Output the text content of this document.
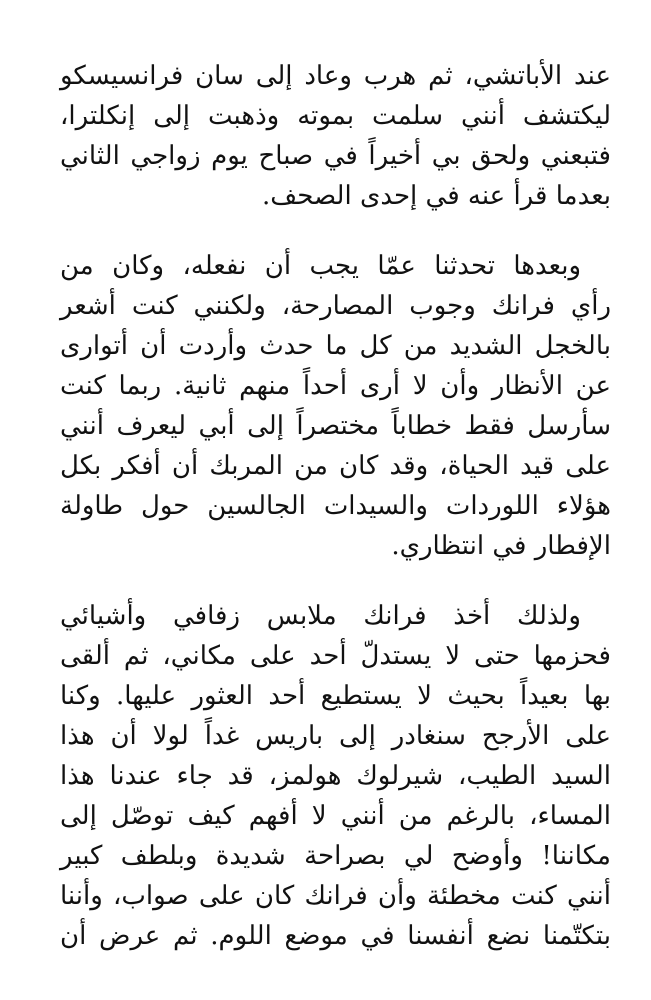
عند الأباتشي، ثم هرب وعاد إلى سان فرانسيسكو
ليكتشف أنني سلمت بموته وذهبت إلى إنكلترا،
فتبعني ولحق بي أخيراً في صباح يوم زواجي الثاني
بعدما قرأ عنه في إحدى الصحف.
وبعدها تحدثنا عمّا يجب أن نفعله، وكان من
رأي فرانك وجوب المصارحة، ولكنني كنت أشعر
بالخجل الشديد من كل ما حدث وأردت أن أتوارى
عن الأنظار وأن لا أرى أحداً منهم ثانية. ربما كنت
سأرسل فقط خطاباً مختصراً إلى أبي ليعرف أنني
على قيد الحياة، وقد كان من المربك أن أفكر بكل
هؤلاء اللوردات والسيدات الجالسين حول طاولة
الإفطار في انتظاري.
ولذلك أخذ فرانك ملابس زفافي وأشيائي
فحزمها حتى لا يستدلّ أحد على مكاني، ثم ألقى
بها بعيداً بحيث لا يستطيع أحد العثور عليها. وكنا
على الأرجح سنغادر إلى باريس غداً لولا أن هذا
السيد الطيب، شيرلوك هولمز، قد جاء عندنا هذا
المساء، بالرغم من أنني لا أفهم كيف توصّل إلى
مكاننا! وأوضح لي بصراحة شديدة وبلطف كبير
أنني كنت مخطئة وأن فرانك كان على صواب، وأننا
بتكتّمنا نضع أنفسنا في موضع اللوم. ثم عرض أن
